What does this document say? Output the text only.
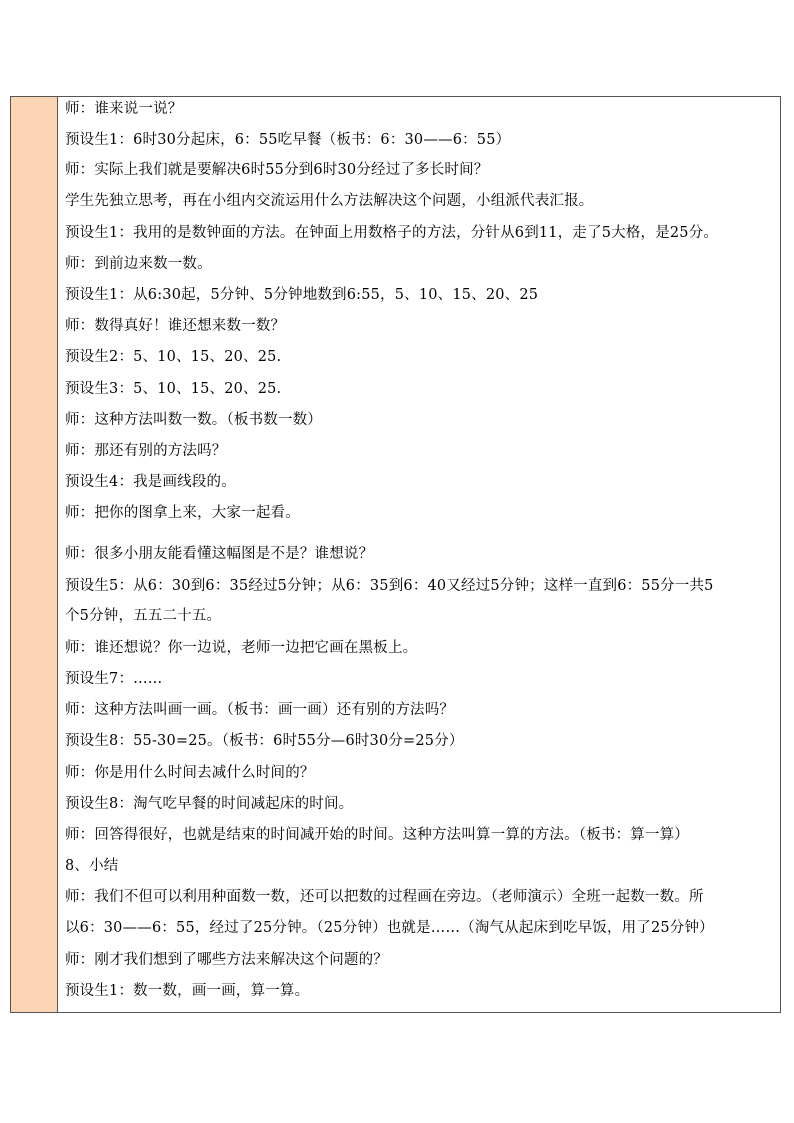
师：谁来说一说？
预设生1：6时30分起床，6：55吃早餐（板书：6：30——6：55）
师：实际上我们就是要解决6时55分到6时30分经过了多长时间？
学生先独立思考，再在小组内交流运用什么方法解决这个问题，小组派代表汇报。
预设生1：我用的是数钟面的方法。在钟面上用数格子的方法，分针从6到11，走了5大格，是25分。
师：到前边来数一数。
预设生1：从6:30起，5分钟、5分钟地数到6:55，5、10、15、20、25
师：数得真好！谁还想来数一数？
预设生2：5、10、15、20、25.
预设生3：5、10、15、20、25.
师：这种方法叫数一数。（板书数一数）
师：那还有别的方法吗？
预设生4：我是画线段的。
师：把你的图拿上来，大家一起看。
师：很多小朋友能看懂这幅图是不是？谁想说？
预设生5：从6：30到6：35经过5分钟；从6：35到6：40又经过5分钟；这样一直到6：55分一共5
个5分钟，五五二十五。
师：谁还想说？你一边说，老师一边把它画在黑板上。
预设生7：……
师：这种方法叫画一画。（板书：画一画）还有别的方法吗？
预设生8：55-30=25。（板书：6时55分—6时30分=25分）
师：你是用什么时间去减什么时间的？
预设生8：淘气吃早餐的时间减起床的时间。
师：回答得很好，也就是结束的时间减开始的时间。这种方法叫算一算的方法。（板书：算一算）
8、小结
师：我们不但可以利用种面数一数，还可以把数的过程画在旁边。（老师演示）全班一起数一数。所
以6：30——6：55，经过了25分钟。（25分钟）也就是……（淘气从起床到吃早饭，用了25分钟）
师：刚才我们想到了哪些方法来解决这个问题的？
预设生1：数一数，画一画，算一算。
